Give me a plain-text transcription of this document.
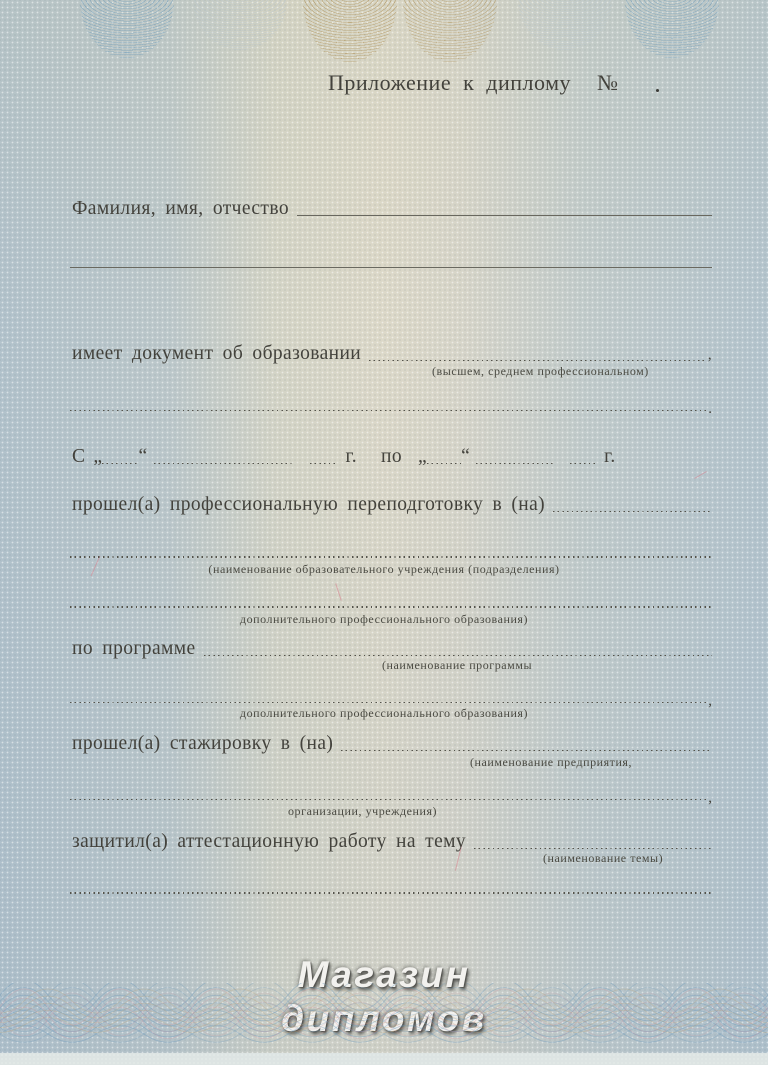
Приложение к диплому №
Фамилия, имя, отчество
имеет документ об образовании	,
(высшем, среднем профессиональном)
.
С „ “	г. по „ “	г.
прошел(а) профессиональную переподготовку в (на)
(наименование образовательного учреждения (подразделения)
дополнительного профессионального образования)
по программе
(наименование программы
,
дополнительного профессионального образования)
прошел(а) стажировку в (на)
(наименование предприятия,
,
организации, учреждения)
защитил(а) аттестационную работу на тему
(наименование темы)
Магазин
дипломов
